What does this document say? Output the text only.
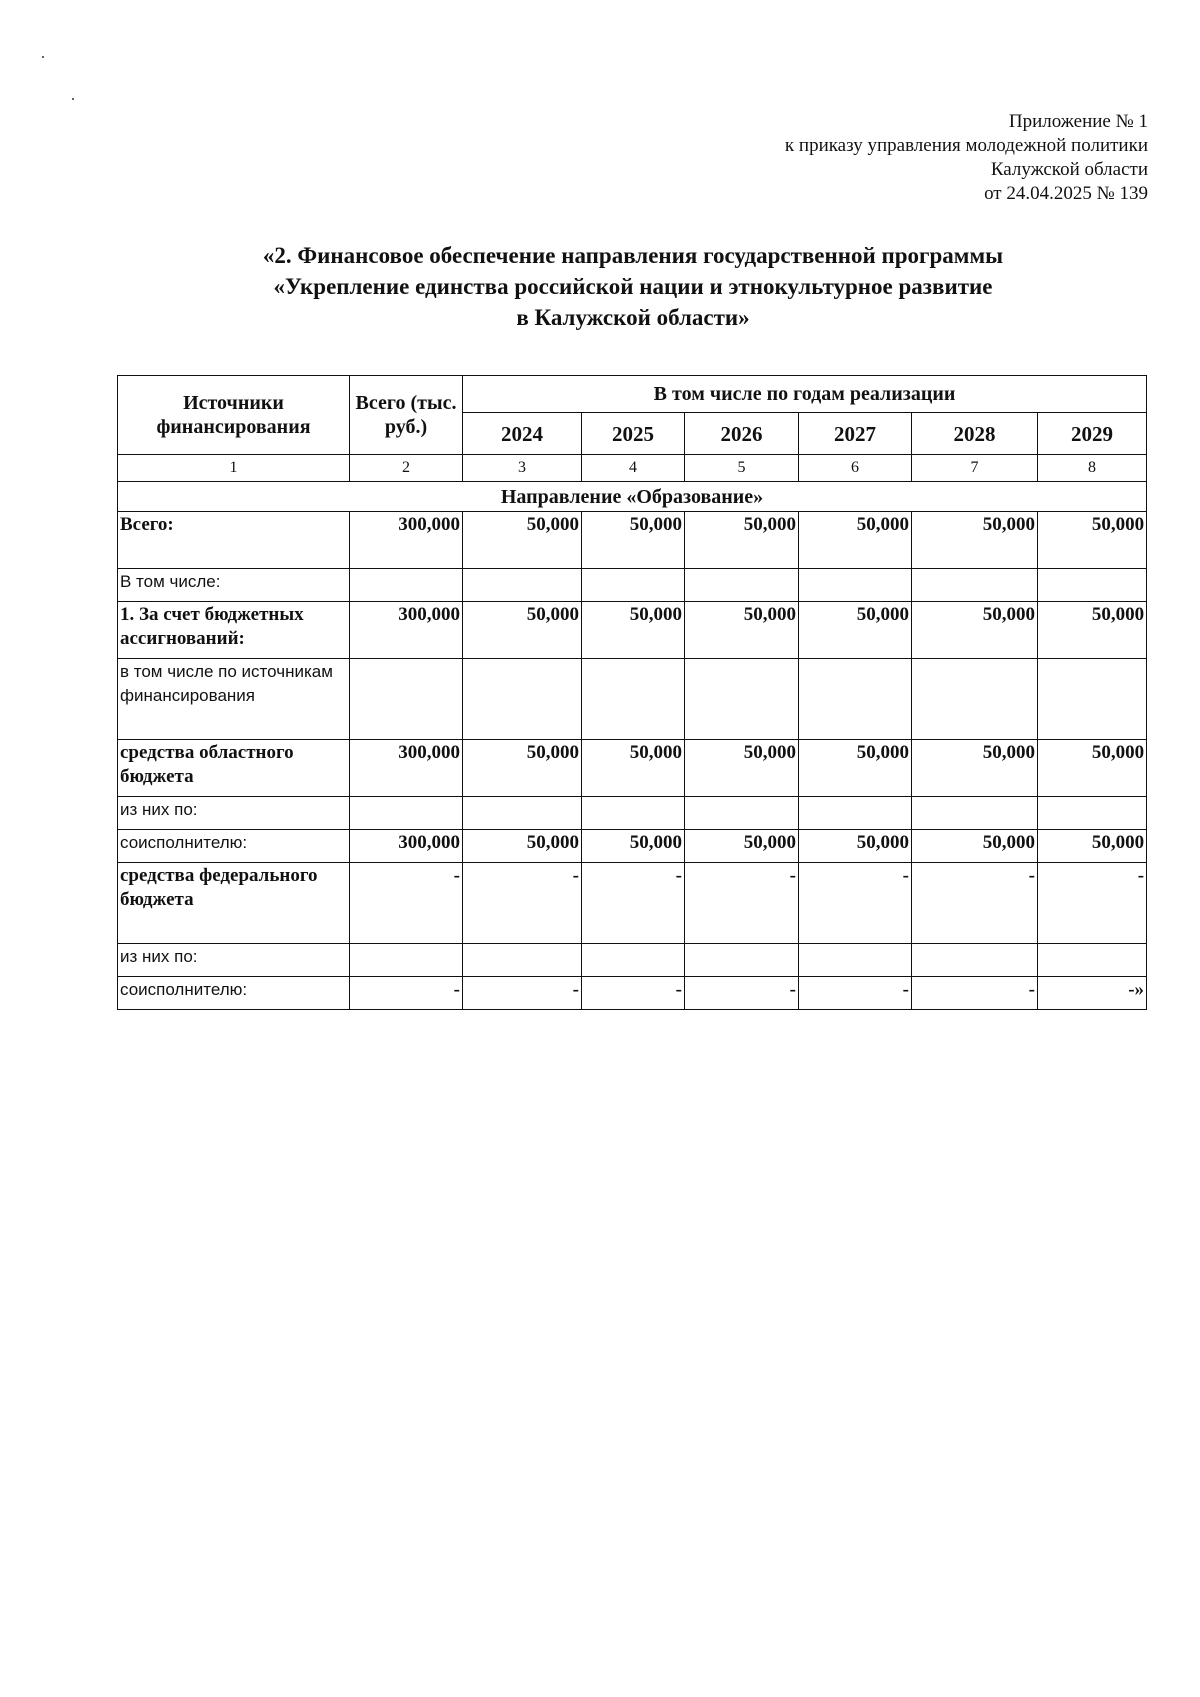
Приложение № 1
к приказу управления молодежной политики
Калужской области
от 24.04.2025 № 139
«2. Финансовое обеспечение направления государственной программы
«Укрепление единства российской нации и этнокультурное развитие
в Калужской области»
Источники финансирования	Всего (тыс. руб.)	В том числе по годам реализации					
		2024	2025	2026	2027	2028	2029
1	2	3	4	5	6	7	8
Направление «Образование»							
Всего:	300,000	50,000	50,000	50,000	50,000	50,000	50,000
В том числе:							
1. За счет бюджетных ассигнований:	300,000	50,000	50,000	50,000	50,000	50,000	50,000
в том числе по источникам финансирования							
средства областного бюджета	300,000	50,000	50,000	50,000	50,000	50,000	50,000
из них по:							
соисполнителю:	300,000	50,000	50,000	50,000	50,000	50,000	50,000
средства федерального бюджета	-	-	-	-	-	-	-
из них по:							
соисполнителю:	-	-	-	-	-	-	-»
